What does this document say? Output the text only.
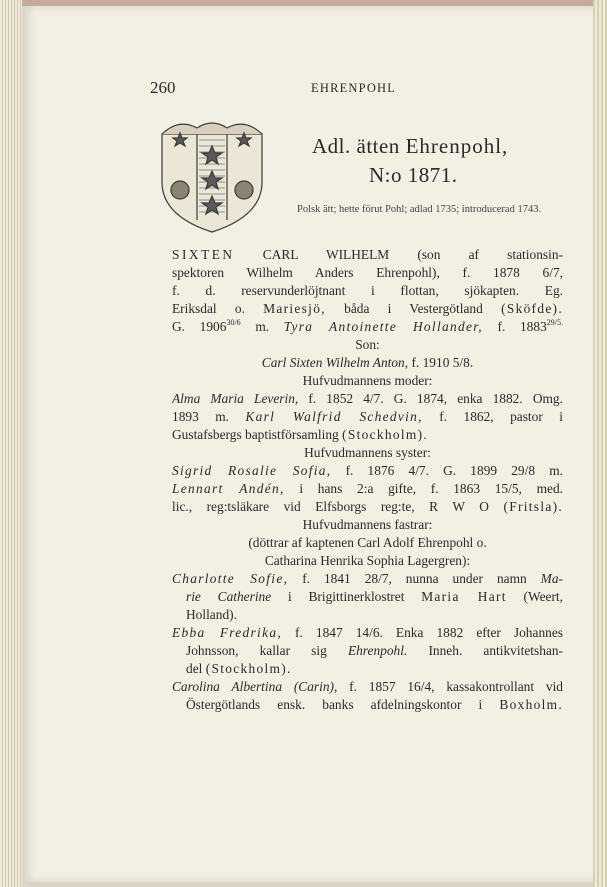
260	EHRENPOHL
Adl. ätten Ehrenpohl,
N:o 1871.
Polsk ätt; hette förut Pohl; adlad 1735; introducerad 1743.
SIXTEN CARL WILHELM (son af stationsin-
spektoren Wilhelm Anders Ehrenpohl), f. 1878 6/7,
f. d. reservunderlöjtnant i flottan, sjökapten. Eg.
Eriksdal o. Mariesjö, båda i Vestergötland (Sköfde).
G. $1906^{30/6}$ m. Tyra Antoinette Hollander, f. $1883^{29/5.}$
Son:
Carl Sixten Wilhelm Anton, f. 1910 5/8.
Hufvudmannens moder:
Alma Maria Leverin, f. 1852 4/7. G. 1874, enka 1882. Omg.
1893 m. Karl Walfrid Schedvin, f. 1862, pastor i
Gustafsbergs baptistförsamling (Stockholm).
Hufvudmannens syster:
Sigrid Rosalie Sofia, f. 1876 4/7. G. 1899 29/8 m.
Lennart Andén, i hans 2:a gifte, f. 1863 15/5, med.
lic., reg:tsläkare vid Elfsborgs reg:te, R W O (Fritsla).
Hufvudmannens fastrar:
(döttrar af kaptenen Carl Adolf Ehrenpohl o.
Catharina Henrika Sophia Lagergren):
Charlotte Sofie, f. 1841 28/7, nunna under namn Ma-
rie Catherine i Brigittinerklostret Maria Hart (Weert,
Holland).
Ebba Fredrika, f. 1847 14/6. Enka 1882 efter Johannes
Johnsson, kallar sig Ehrenpohl. Inneh. antikvitetshan-
del (Stockholm).
Carolina Albertina (Carin), f. 1857 16/4, kassakontrollant vid
Östergötlands ensk. banks afdelningskontor i Boxholm.
